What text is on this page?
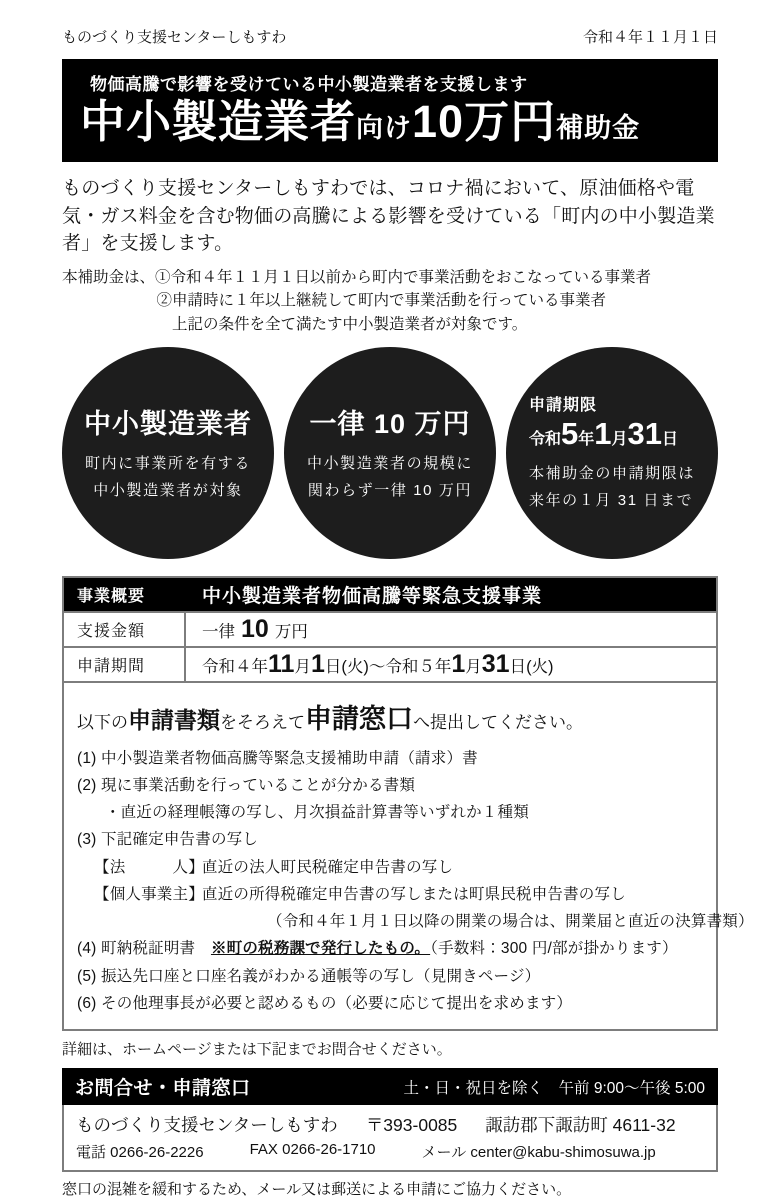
ものづくり支援センターしもすわ	令和４年１１月１日
物価高騰で影響を受けている中小製造業者を支援します
中小製造業者向け10万円補助金

ものづくり支援センターしもすわでは、コロナ禍において、原油価格や電気・ガス料金を含む物価の高騰による影響を受けている「町内の中小製造業者」を支援します。

本補助金は、①令和４年１１月１日以前から町内で事業活動をおこなっている事業者
②申請時に１年以上継続して町内で事業活動を行っている事業者
上記の条件を全て満たす中小製造業者が対象です。
中小製造業者
町内に事業所を有する
中小製造業者が対象
一律 10 万円
中小製造業者の規模に
関わらず一律 10 万円
申請期限
令和5年1月31日
本補助金の申請期限は
来年の１月 31 日まで
事業概要	中小製造業者物価高騰等緊急支援事業
支援金額	一律 10 万円
申請期間	令和４年11月1日(火)～令和５年1月31日(火)
以下の申請書類をそろえて申請窓口へ提出してください。
(1) 中小製造業者物価高騰等緊急支援補助申請（請求）書
(2) 現に事業活動を行っていることが分かる書類
・直近の経理帳簿の写し、月次損益計算書等いずれか１種類
(3) 下記確定申告書の写し
【法　　　人】直近の法人町民税確定申告書の写し
【個人事業主】直近の所得税確定申告書の写しまたは町県民税申告書の写し
（令和４年１月１日以降の開業の場合は、開業届と直近の決算書類）
(4) 町納税証明書　※町の税務課で発行したもの。（手数料：300 円/部が掛かります）
(5) 振込先口座と口座名義がわかる通帳等の写し（見開きページ）
(6) その他理事長が必要と認めるもの（必要に応じて提出を求めます）
詳細は、ホームページまたは下記までお問合せください。
お問合せ・申請窓口	土・日・祝日を除く　午前 9:00～午後 5:00
ものづくり支援センターしもすわ 〒393-0085 諏訪郡下諏訪町 4611-32
電話 0266-26-2226	FAX 0266-26-1710	メール center@kabu-shimosuwa.jp
窓口の混雑を緩和するため、メール又は郵送による申請にご協力ください。
